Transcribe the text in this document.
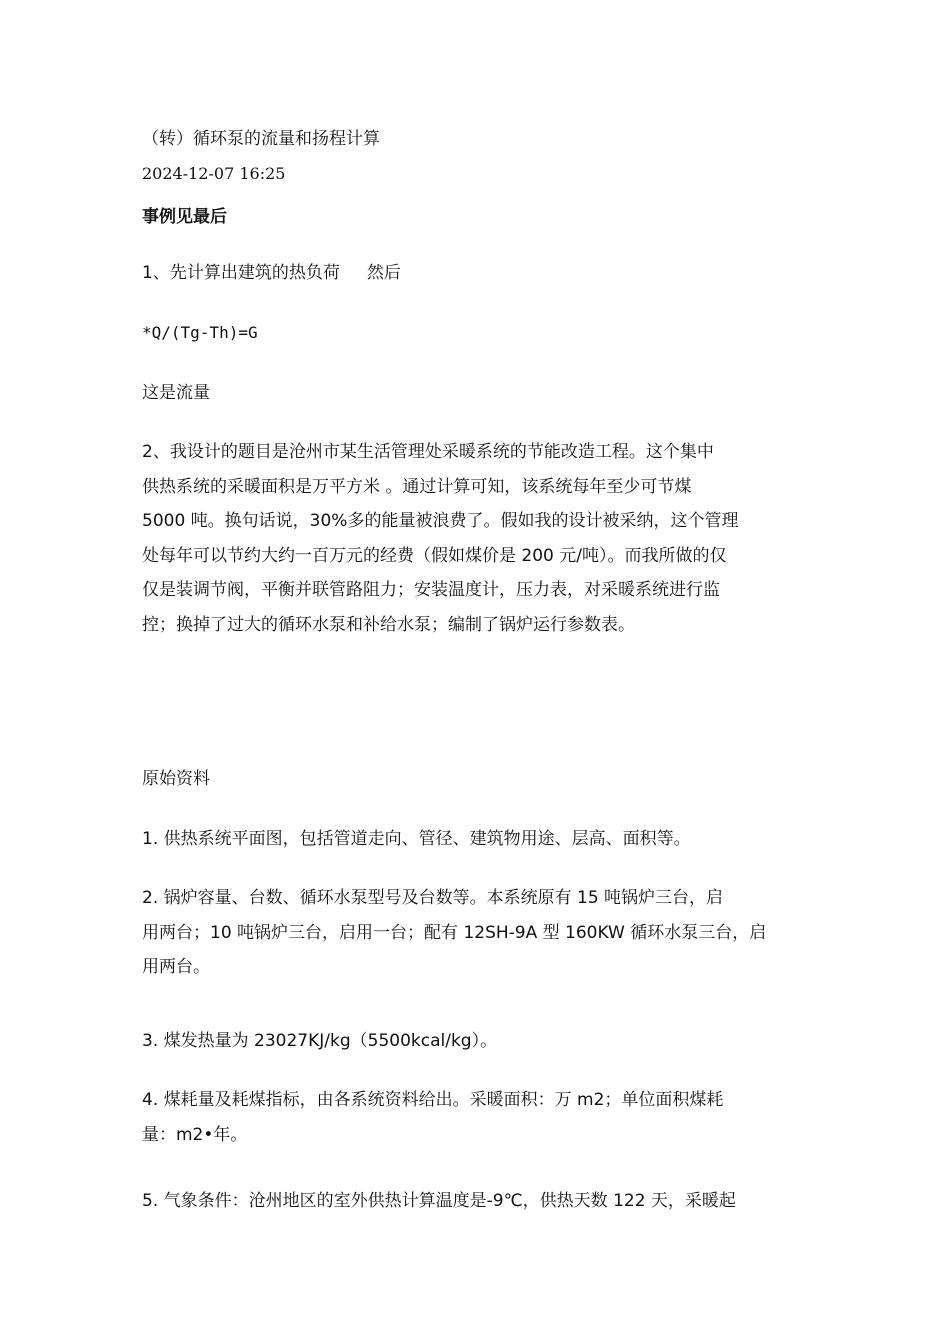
（转）循环泵的流量和扬程计算
2024-12-07 16:25
事例见最后
1、先计算出建筑的热负荷     然后
*Q/(Tg-Th)=G
这是流量
2、我设计的题目是沧州市某生活管理处采暖系统的节能改造工程。这个集中
供热系统的采暖面积是万平方米 。通过计算可知，该系统每年至少可节煤
5000 吨。换句话说，30%多的能量被浪费了。假如我的设计被采纳，这个管理
处每年可以节约大约一百万元的经费（假如煤价是 200 元/吨）。而我所做的仅
仅是装调节阀，平衡并联管路阻力；安装温度计，压力表，对采暖系统进行监
控；换掉了过大的循环水泵和补给水泵；编制了锅炉运行参数表。
原始资料
1. 供热系统平面图，包括管道走向、管径、建筑物用途、层高、面积等。
2. 锅炉容量、台数、循环水泵型号及台数等。本系统原有 15 吨锅炉三台，启
用两台；10 吨锅炉三台，启用一台；配有 12SH-9A 型 160KW 循环水泵三台，启
用两台。
3. 煤发热量为 23027KJ/kg（5500kcal/kg）。
4. 煤耗量及耗煤指标，由各系统资料给出。采暖面积：万 m2；单位面积煤耗
量：m2•年。
5. 气象条件：沧州地区的室外供热计算温度是-9℃，供热天数 122 天，采暖起
